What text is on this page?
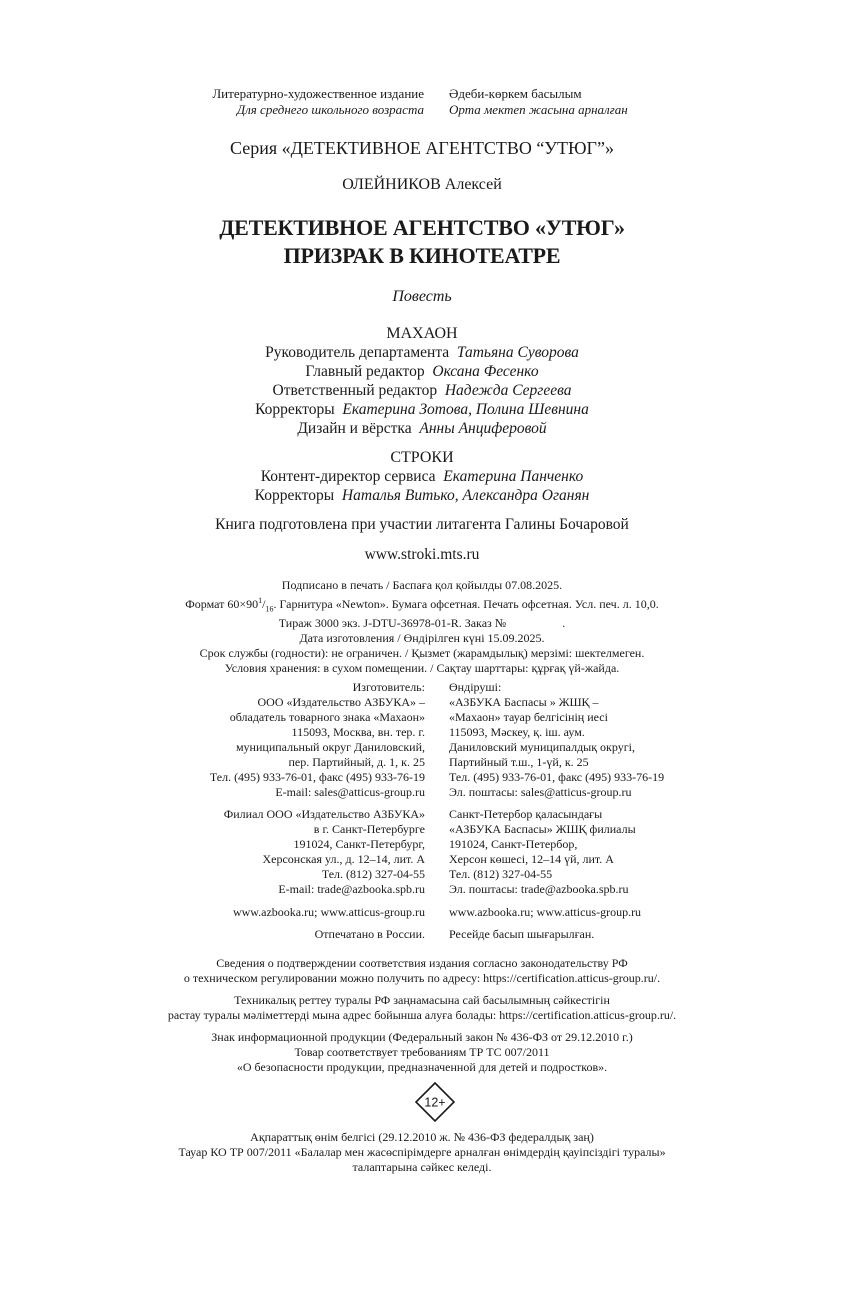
Литературно-художественное издание Әдеби-көркем басылым
Для среднего школьного возраста Орта мектеп жасына арналған
Серия «ДЕТЕКТИВНОЕ АГЕНТСТВО “УТЮГ”»
ОЛЕЙНИКОВ Алексей
ДЕТЕКТИВНОЕ АГЕНТСТВО «УТЮГ»
ПРИЗРАК В КИНОТЕАТРЕ
Повесть
МАХАОН
Руководитель департамента Татьяна Суворова
Главный редактор Оксана Фесенко
Ответственный редактор Надежда Сергеева
Корректоры Екатерина Зотова, Полина Шевнина
Дизайн и вёрстка Анны Анциферовой
СТРОКИ
Контент-директор сервиса Екатерина Панченко
Корректоры Наталья Витько, Александра Оганян
Книга подготовлена при участии литагента Галины Бочаровой
www.stroki.mts.ru
Подписано в печать / Баспаға қол қойылды 07.08.2025.
Формат $60\times 90^1/_{16}$. Гарнитура «Newton». Бумага офсетная. Печать офсетная. Усл. печ. л. 10,0.
Тираж 3000 экз. J-DTU-36978-01-R. Заказ №	.
Дата изготовления / Өндірілген күні 15.09.2025.
Срок службы (годности): не ограничен. / Қызмет (жарамдылық) мерзімі: шектелмеген.
Условия хранения: в сухом помещении. / Сақтау шарттары: құрғақ үй-жайда.
Изготовитель: Өндіруші:
ООО «Издательство АЗБУКА» – «АЗБУКА Баспасы » ЖШҚ –
обладатель товарного знака «Махаон» «Махаон» тауар белгісінің иесі
115093, Москва, вн. тер. г. 115093, Мәскеу, қ. іш. аум.
муниципальный округ Даниловский, Даниловский муниципалдық округі,
пер. Партийный, д. 1, к. 25 Партийный т.ш., 1-үй, к. 25
Тел. (495) 933-76-01, факс (495) 933-76-19 Тел. (495) 933-76-01, факс (495) 933-76-19
E-mail: sales@atticus-group.ru Эл. поштасы: sales@atticus-group.ru
Филиал ООО «Издательство АЗБУКА» Санкт-Петербор қаласындағы
в г. Санкт-Петербурге «АЗБУКА Баспасы» ЖШҚ филиалы
191024, Санкт-Петербург, 191024, Санкт-Петербор,
Херсонская ул., д. 12–14, лит. А Херсон көшесі, 12–14 үй, лит. А
Тел. (812) 327-04-55 Тел. (812) 327-04-55
E-mail: trade@azbooka.spb.ru Эл. поштасы: trade@azbooka.spb.ru
www.azbooka.ru; www.atticus-group.ru www.azbooka.ru; www.atticus-group.ru
Отпечатано в России. Ресейде басып шығарылған.
Сведения о подтверждении соответствия издания согласно законодательству РФ
о техническом регулировании можно получить по адресу: https://certification.atticus-group.ru/.
Техникалық реттеу туралы РФ заңнамасына сай басылымның сәйкестігін
растау туралы мәліметтерді мына адрес бойынша алуға болады: https://certification.atticus-group.ru/.
Знак информационной продукции (Федеральный закон № 436-ФЗ от 29.12.2010 г.)
Товар соответствует требованиям ТР ТС 007/2011
«О безопасности продукции, предназначенной для детей и подростков».
12+
Ақпараттық өнім белгісі (29.12.2010 ж. № 436-ФЗ федералдық заң)
Тауар КО ТР 007/2011 «Балалар мен жасөспірімдерге арналған өнімдердің қауіпсіздігі туралы»
талаптарына сәйкес келеді.
